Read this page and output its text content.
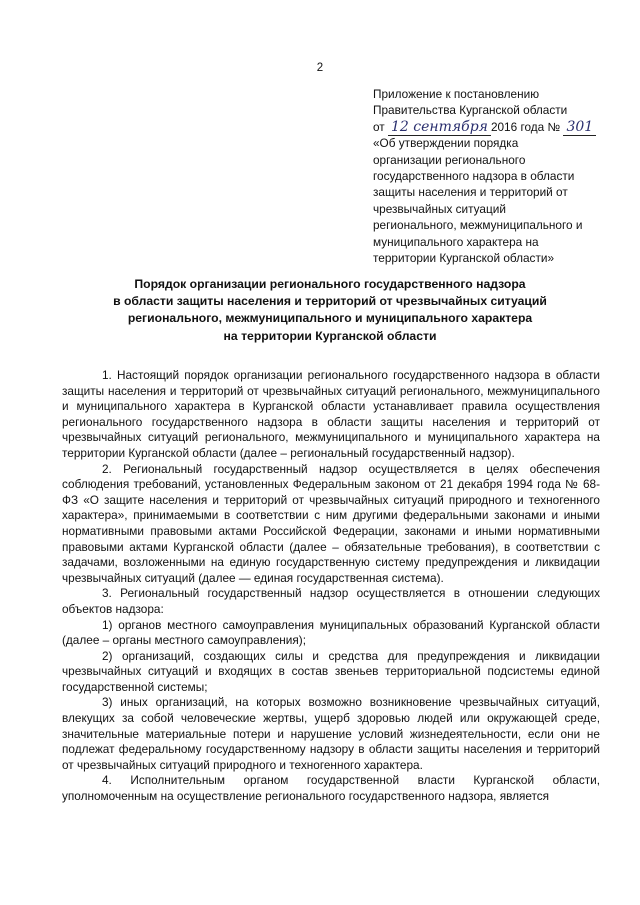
2
Приложение к постановлению
Правительства Курганской области
от 12 сентября 2016 года № 301
«Об утверждении порядка
организации регионального
государственного надзора в области
защиты населения и территорий от
чрезвычайных ситуаций
регионального, межмуниципального и
муниципального характера на
территории Курганской области»
Порядок организации регионального государственного надзора
в области защиты населения и территорий от чрезвычайных ситуаций
регионального, межмуниципального и муниципального характера
на территории Курганской области

1. Настоящий порядок организации регионального государственного надзора в области защиты населения и территорий от чрезвычайных ситуаций регионального, межмуниципального и муниципального характера в Курганской области устанавливает правила осуществления регионального государственного надзора в области защиты населения и территорий от чрезвычайных ситуаций регионального, межмуниципального и муниципального характера на территории Курганской области (далее – региональный государственный надзор).

2. Региональный государственный надзор осуществляется в целях обеспечения соблюдения требований, установленных Федеральным законом от 21 декабря 1994 года № 68-ФЗ «О защите населения и территорий от чрезвычайных ситуаций природного и техногенного характера», принимаемыми в соответствии с ним другими федеральными законами и иными нормативными правовыми актами Российской Федерации, законами и иными нормативными правовыми актами Курганской области (далее – обязательные требования), в соответствии с задачами, возложенными на единую государственную систему предупреждения и ликвидации чрезвычайных ситуаций (далее — единая государственная система).

3. Региональный государственный надзор осуществляется в отношении следующих объектов надзора:

1) органов местного самоуправления муниципальных образований Курганской области (далее – органы местного самоуправления);

2) организаций, создающих силы и средства для предупреждения и ликвидации чрезвычайных ситуаций и входящих в состав звеньев территориальной подсистемы единой государственной системы;

3) иных организаций, на которых возможно возникновение чрезвычайных ситуаций, влекущих за собой человеческие жертвы, ущерб здоровью людей или окружающей среде, значительные материальные потери и нарушение условий жизнедеятельности, если они не подлежат федеральному государственному надзору в области защиты населения и территорий от чрезвычайных ситуаций природного и техногенного характера.

4. Исполнительным органом государственной власти Курганской области, уполномоченным на осуществление регионального государственного надзора, является
